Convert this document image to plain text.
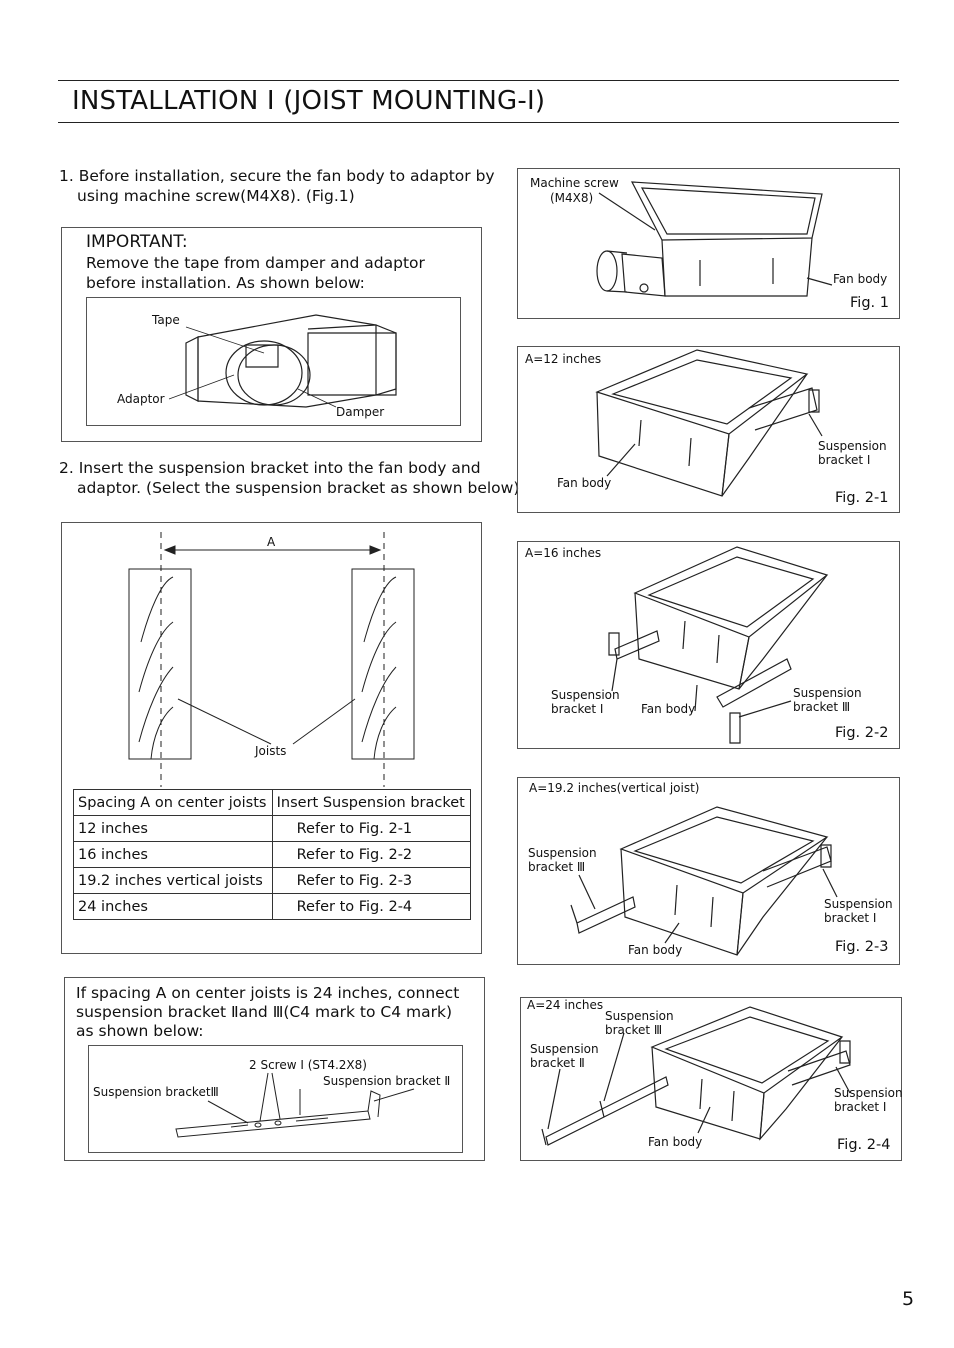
INSTALLATION Ⅰ (JOIST MOUNTING-Ⅰ)
1. Before installation, secure the fan body to adaptor by
using machine screw(M4X8). (Fig.1)
IMPORTANT:
Remove the tape from damper and adaptor
before installation. As shown below:
Tape
Adaptor
Damper
2. Insert the suspension bracket into the fan body and
adaptor. (Select the suspension bracket as shown below)
A
Joists
Spacing A on center joists	Insert Suspension bracket
12 inches	Refer to Fig. 2-1
16 inches	Refer to Fig. 2-2
19.2 inches vertical joists	Refer to Fig. 2-3
24 inches	Refer to Fig. 2-4
If spacing A on center joists is 24 inches, connect
suspension bracket Ⅱand Ⅲ(C4 mark to C4 mark)
as shown below:
2 Screw Ⅰ (ST4.2X8)
Suspension bracketⅢ
Suspension bracket Ⅱ
Machine screw
(M4X8)
Fan body
Fig. 1
A=12 inches
Fan body
Suspension
bracket Ⅰ
Fig. 2-1
A=16 inches
Suspension
bracket Ⅰ	Fan body
Suspension
bracket Ⅲ
Fig. 2-2
A=19.2 inches(vertical joist)
Suspension
bracket Ⅲ
Suspension
bracket Ⅰ
Fan body	Fig. 2-3
A=24 inches
Suspension
bracket Ⅲ
Suspension
bracket Ⅱ
Suspension
bracket Ⅰ
Fan body	Fig. 2-4
5
